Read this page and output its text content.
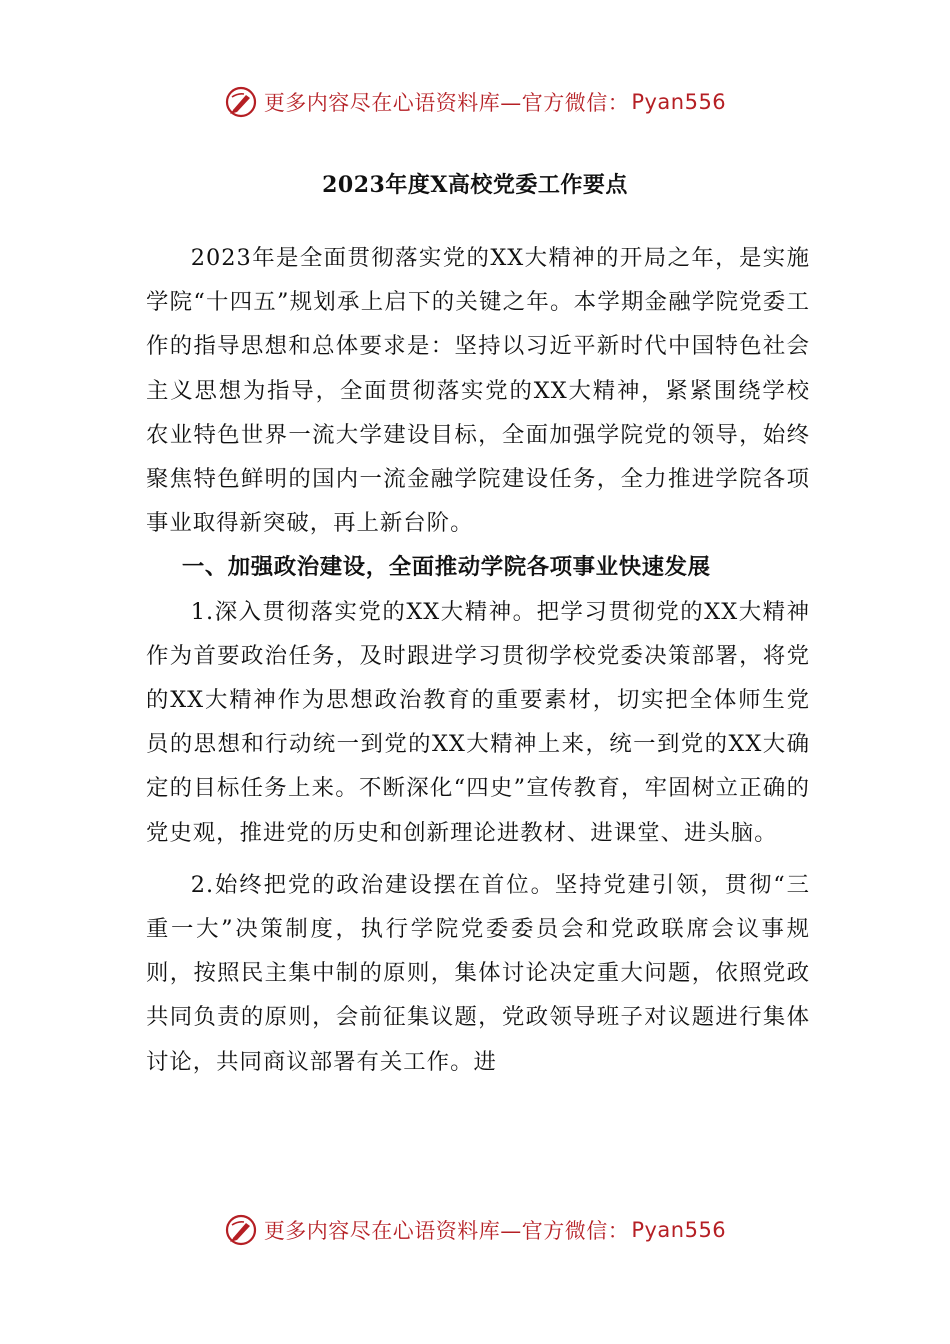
更多内容尽在心语资料库—官方微信： Pyan556
2023年度X高校党委工作要点

2023年是全面贯彻落实党的XX大精神的开局之年，是实施学院“十四五”规划承上启下的关键之年。本学期金融学院党委工作的指导思想和总体要求是：坚持以习近平新时代中国特色社会主义思想为指导，全面贯彻落实党的XX大精神，紧紧围绕学校农业特色世界一流大学建设目标，全面加强学院党的领导，始终聚焦特色鲜明的国内一流金融学院建设任务，全力推进学院各项事业取得新突破，再上新台阶。

一、加强政治建设，全面推动学院各项事业快速发展

1.深入贯彻落实党的XX大精神。把学习贯彻党的XX大精神作为首要政治任务，及时跟进学习贯彻学校党委决策部署，将党的XX大精神作为思想政治教育的重要素材，切实把全体师生党员的思想和行动统一到党的XX大精神上来，统一到党的XX大确定的目标任务上来。不断深化“四史”宣传教育，牢固树立正确的党史观，推进党的历史和创新理论进教材、进课堂、进头脑。

2.始终把党的政治建设摆在首位。坚持党建引领，贯彻“三重一大”决策制度，执行学院党委委员会和党政联席会议事规则，按照民主集中制的原则，集体讨论决定重大问题，依照党政共同负责的原则，会前征集议题，党政领导班子对议题进行集体讨论，共同商议部署有关工作。进

更多内容尽在心语资料库—官方微信： Pyan556
